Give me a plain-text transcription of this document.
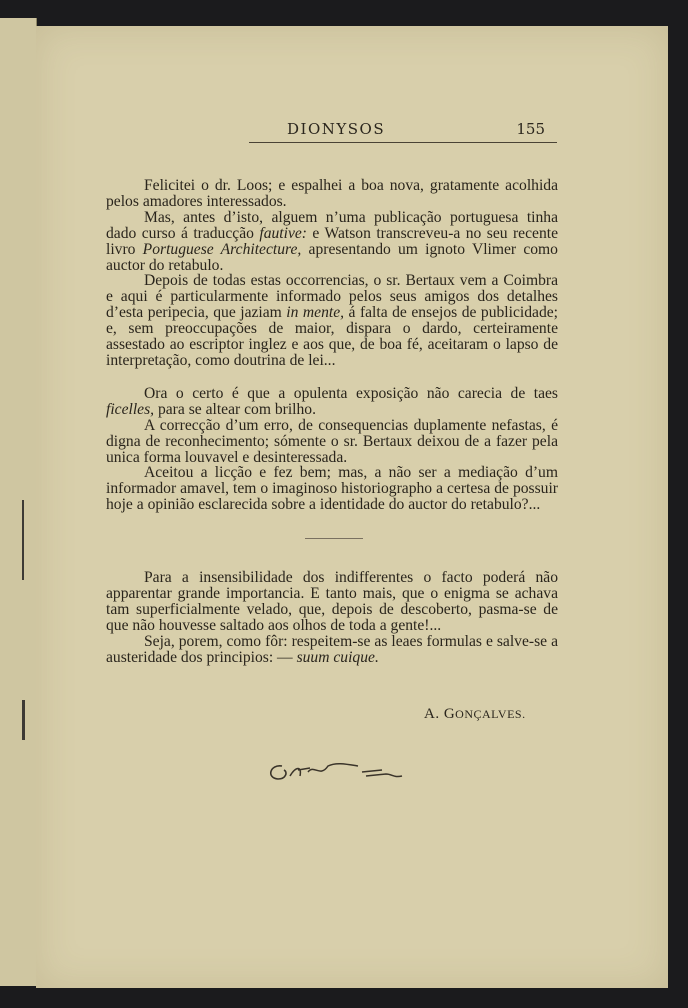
DIONYSOS	155

Felicitei o dr. Loos; e espalhei a boa nova, gratamente acolhida pelos amadores interessados.

Mas, antes d’isto, alguem n’uma publicação portuguesa tinha dado curso á traducção fautive: e Watson transcreveu-a no seu recente livro Portuguese Architecture, apresentando um ignoto Vlimer como auctor do retabulo.

Depois de todas estas occorrencias, o sr. Bertaux vem a Coimbra e aqui é particularmente informado pelos seus amigos dos detalhes d’esta peripecia, que jaziam in mente, á falta de ensejos de publicidade; e, sem preoccupações de maior, dispara o dardo, certeiramente assestado ao escriptor inglez e aos que, de boa fé, aceitaram o lapso de interpretação, como doutrina de lei...

Ora o certo é que a opulenta exposição não carecia de taes ficelles, para se altear com brilho.

A correcção d’um erro, de consequencias duplamente nefastas, é digna de reconhecimento; sómente o sr. Bertaux deixou de a fazer pela unica forma louvavel e desinteressada.

Aceitou a licção e fez bem; mas, a não ser a mediação d’um informador amavel, tem o imaginoso historiographo a certesa de possuir hoje a opinião esclarecida sobre a identidade do auctor do retabulo?...

Para a insensibilidade dos indifferentes o facto poderá não apparentar grande importancia. E tanto mais, que o enigma se achava tam superficialmente velado, que, depois de descoberto, pasma-se de que não houvesse saltado aos olhos de toda a gente!...

Seja, porem, como fôr: respeitem-se as leaes formulas e salve-se a austeridade dos principios: — suum cuique.

A. GONÇALVES.
